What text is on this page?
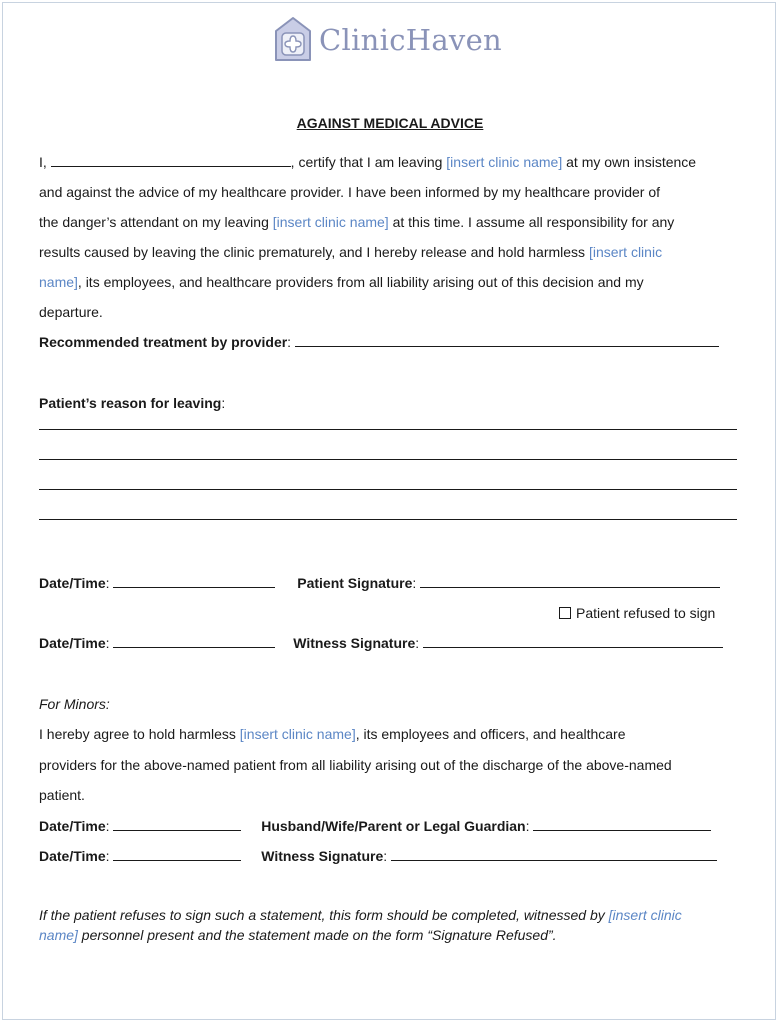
ClinicHaven
AGAINST MEDICAL ADVICE
I,	, certify that I am leaving [insert clinic name] at my own insistence
and against the advice of my healthcare provider. I have been informed by my healthcare provider of
the danger’s attendant on my leaving [insert clinic name] at this time. I assume all responsibility for any
results caused by leaving the clinic prematurely, and I hereby release and hold harmless [insert clinic
name], its employees, and healthcare providers from all liability arising out of this decision and my
departure.
Recommended treatment by provider:
Patient’s reason for leaving:
Date/Time:	Patient Signature:
Patient refused to sign
Date/Time:	Witness Signature:
For Minors:
I hereby agree to hold harmless [insert clinic name], its employees and officers, and healthcare
providers for the above-named patient from all liability arising out of the discharge of the above-named
patient.
Date/Time:	Husband/Wife/Parent or Legal Guardian:
Date/Time:	Witness Signature:
If the patient refuses to sign such a statement, this form should be completed, witnessed by [insert clinic
name] personnel present and the statement made on the form “Signature Refused”.
